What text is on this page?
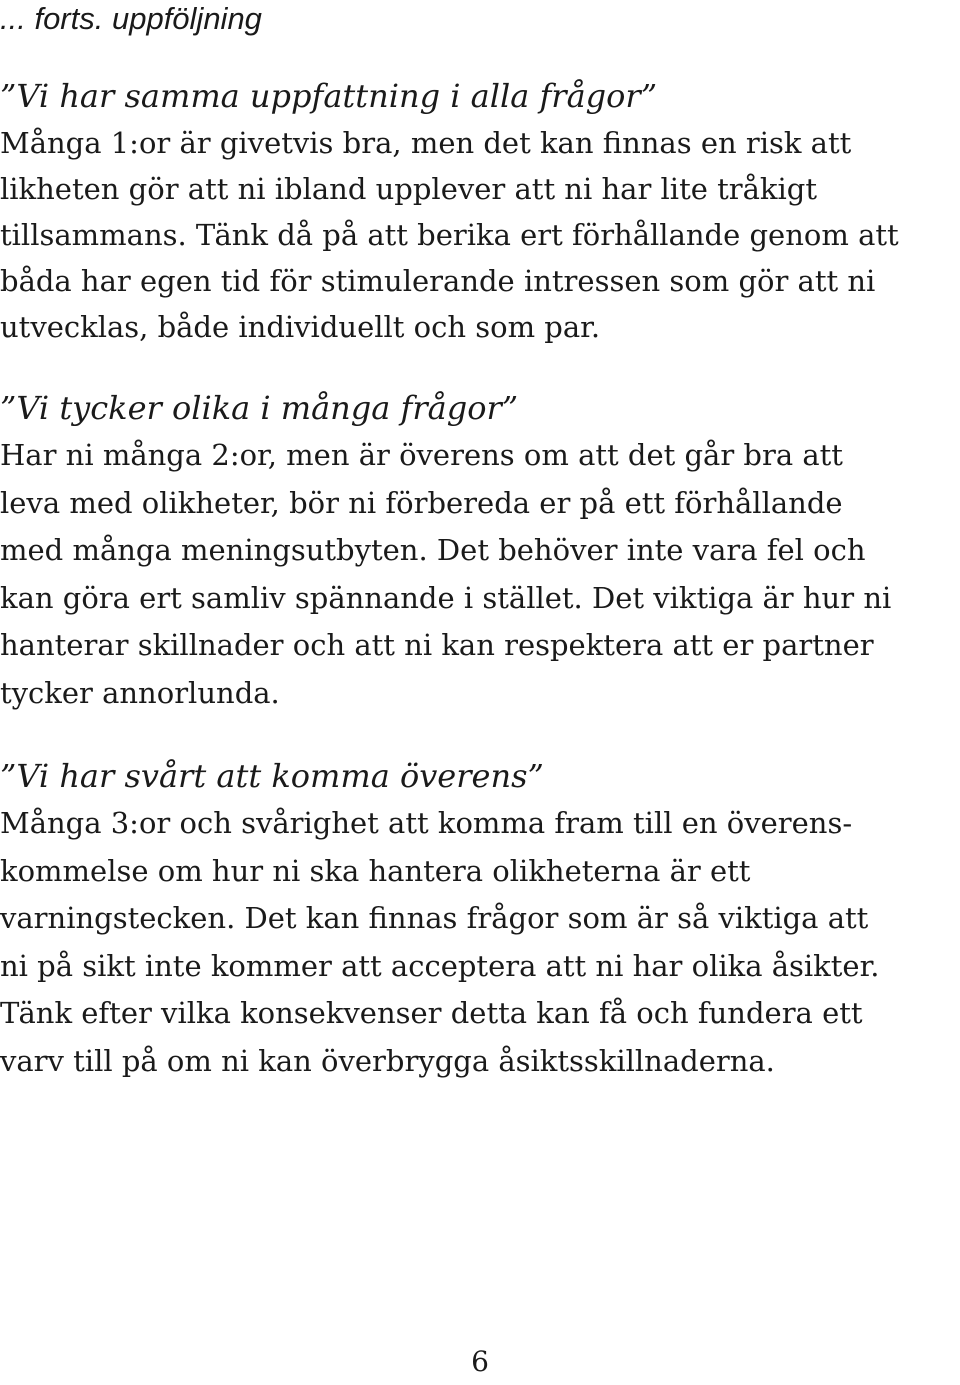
... forts. uppföljning
”Vi har samma uppfattning i alla frågor”
Många 1:or är givetvis bra, men det kan finnas en risk att
likheten gör att ni ibland upplever att ni har lite tråkigt
tillsammans. Tänk då på att berika ert förhållande genom att
båda har egen tid för stimulerande intressen som gör att ni
utvecklas, både individuellt och som par.
”Vi tycker olika i många frågor”
Har ni många 2:or, men är överens om att det går bra att
leva med olikheter, bör ni förbereda er på ett förhållande
med många meningsutbyten. Det behöver inte vara fel och
kan göra ert samliv spännande i stället. Det viktiga är hur ni
hanterar skillnader och att ni kan respektera att er partner
tycker annorlunda.
”Vi har svårt att komma överens”
Många 3:or och svårighet att komma fram till en överens-
kommelse om hur ni ska hantera olikheterna är ett
varningstecken. Det kan finnas frågor som är så viktiga att
ni på sikt inte kommer att acceptera att ni har olika åsikter.
Tänk efter vilka konsekvenser detta kan få och fundera ett
varv till på om ni kan överbrygga åsiktsskillnaderna.
6
